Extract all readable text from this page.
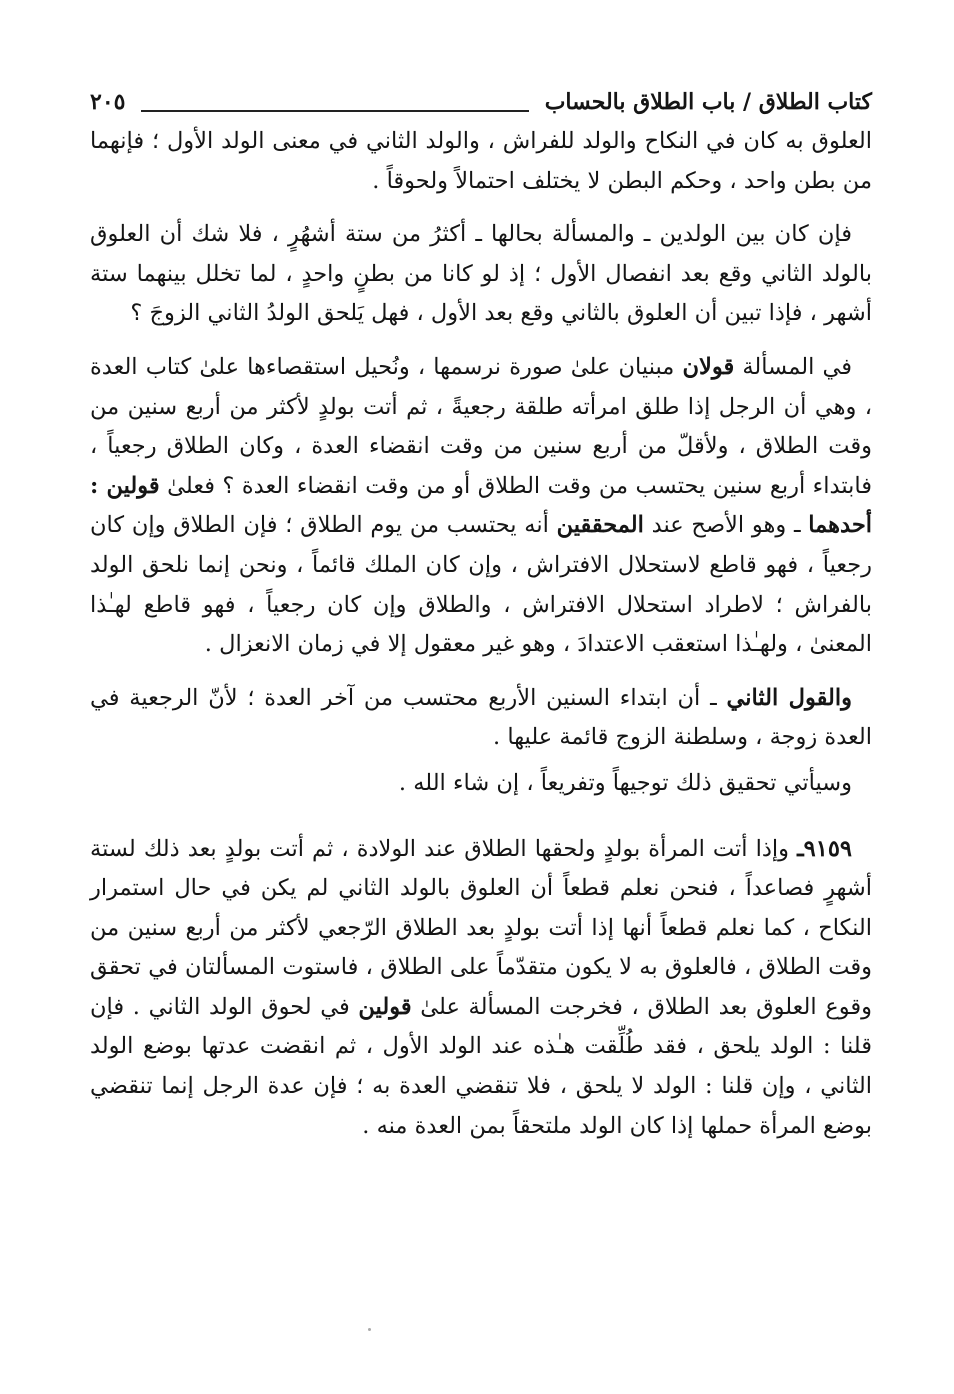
كتاب الطلاق / باب الطلاق بالحساب
٢٠٥

العلوق به كان في النكاح والولد للفراش ، والولد الثاني في معنى الولد الأول ؛ فإنهما من بطن واحد ، وحكم البطن لا يختلف احتمالاً ولحوقاً .

فإن كان بين الولدين ـ والمسألة بحالها ـ أكثرُ من ستة أشهُرٍ ، فلا شك أن العلوق بالولد الثاني وقع بعد انفصال الأول ؛ إذ لو كانا من بطنٍ واحدٍ ، لما تخلل بينهما ستة أشهر ، فإذا تبين أن العلوق بالثاني وقع بعد الأول ، فهل يَلحق الولدُ الثاني الزوجَ ؟

في المسألة قولان مبنيان علىٰ صورة نرسمها ، ونُحيل استقصاءها علىٰ كتاب العدة ، وهي أن الرجل إذا طلق امرأته طلقة رجعيةً ، ثم أتت بولدٍ لأكثر من أربع سنين من وقت الطلاق ، ولأقلّ من أربع سنين من وقت انقضاء العدة ، وكان الطلاق رجعياً ، فابتداء أربع سنين يحتسب من وقت الطلاق أو من وقت انقضاء العدة ؟ فعلىٰ قولين : أحدهما ـ وهو الأصح عند المحققين أنه يحتسب من يوم الطلاق ؛ فإن الطلاق وإن كان رجعياً ، فهو قاطع لاستحلال الافتراش ، وإن كان الملك قائماً ، ونحن إنما نلحق الولد بالفراش ؛ لاطراد استحلال الافتراش ، والطلاق وإن كان رجعياً ، فهو قاطع لهـٰذا المعنىٰ ، ولهـٰذا استعقب الاعتدادَ ، وهو غير معقول إلا في زمان الانعزال .

والقول الثاني ـ أن ابتداء السنين الأربع محتسب من آخر العدة ؛ لأنّ الرجعية في العدة زوجة ، وسلطنة الزوج قائمة عليها .

وسيأتي تحقيق ذلك توجيهاً وتفريعاً ، إن شاء الله .

٩١٥٩ـ وإذا أتت المرأة بولدٍ ولحقها الطلاق عند الولادة ، ثم أتت بولدٍ بعد ذلك لستة أشهرٍ فصاعداً ، فنحن نعلم قطعاً أن العلوق بالولد الثاني لم يكن في حال استمرار النكاح ، كما نعلم قطعاً أنها إذا أتت بولدٍ بعد الطلاق الرّجعي لأكثر من أربع سنين من وقت الطلاق ، فالعلوق به لا يكون متقدّماً على الطلاق ، فاستوت المسألتان في تحقق وقوع العلوق بعد الطلاق ، فخرجت المسألة علىٰ قولين في لحوق الولد الثاني . فإن قلنا : الولد يلحق ، فقد طُلِّقت هـٰذه عند الولد الأول ، ثم انقضت عدتها بوضع الولد الثاني ، وإن قلنا : الولد لا يلحق ، فلا تنقضي العدة به ؛ فإن عدة الرجل إنما تنقضي بوضع المرأة حملها إذا كان الولد ملتحقاً بمن العدة منه .
